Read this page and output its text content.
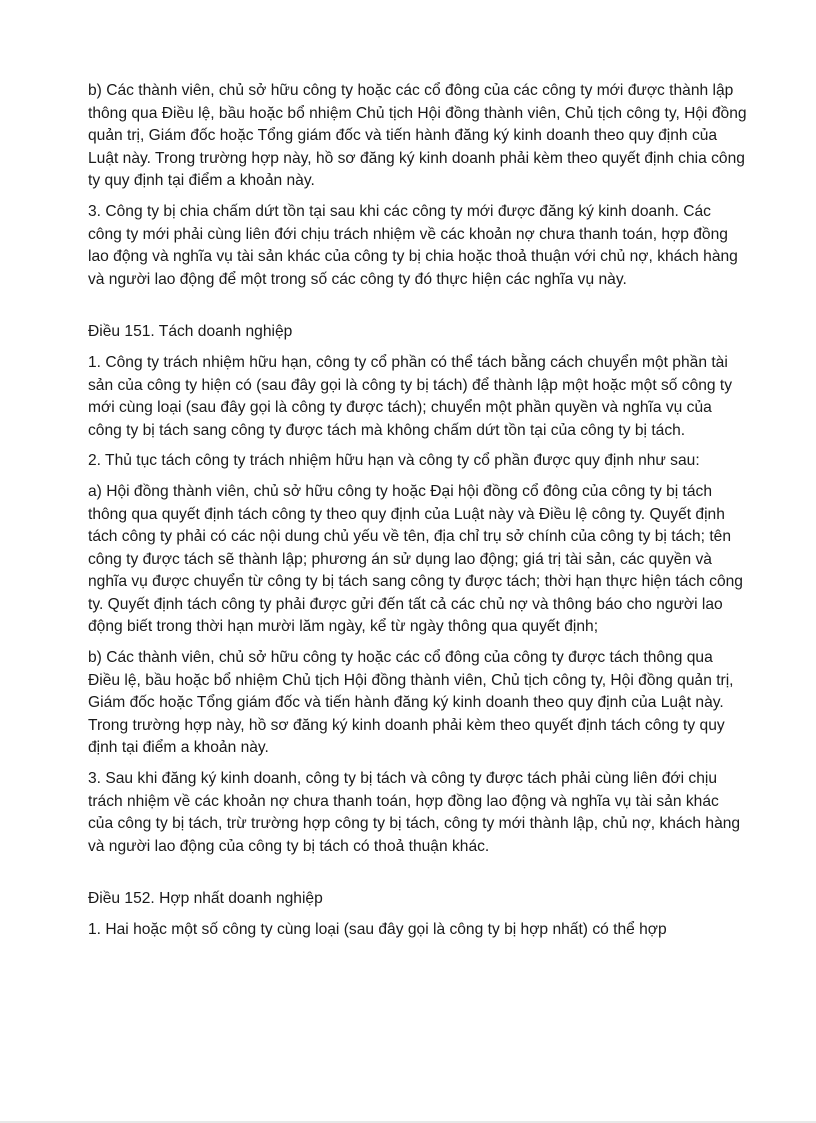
b) Các thành viên, chủ sở hữu công ty hoặc các cổ đông của các công ty mới được thành lập thông qua Điều lệ, bầu hoặc bổ nhiệm Chủ tịch Hội đồng thành viên, Chủ tịch công ty, Hội đồng quản trị, Giám đốc hoặc Tổng giám đốc và tiến hành đăng ký kinh doanh theo quy định của Luật này. Trong trường hợp này, hồ sơ đăng ký kinh doanh phải kèm theo quyết định chia công ty quy định tại điểm a khoản này.

3. Công ty bị chia chấm dứt tồn tại sau khi các công ty mới được đăng ký kinh doanh. Các công ty mới phải cùng liên đới chịu trách nhiệm về các khoản nợ chưa thanh toán, hợp đồng lao động và nghĩa vụ tài sản khác của công ty bị chia hoặc thoả thuận với chủ nợ, khách hàng và người lao động để một trong số các công ty đó thực hiện các nghĩa vụ này.

Điều 151. Tách doanh nghiệp

1. Công ty trách nhiệm hữu hạn, công ty cổ phần có thể tách bằng cách chuyển một phần tài sản của công ty hiện có (sau đây gọi là công ty bị tách) để thành lập một hoặc một số công ty mới cùng loại (sau đây gọi là công ty được tách); chuyển một phần quyền và nghĩa vụ của công ty bị tách sang công ty được tách mà không chấm dứt tồn tại của công ty bị tách.

2. Thủ tục tách công ty trách nhiệm hữu hạn và công ty cổ phần được quy định như sau:

a) Hội đồng thành viên, chủ sở hữu công ty hoặc Đại hội đồng cổ đông của công ty bị tách thông qua quyết định tách công ty theo quy định của Luật này và Điều lệ công ty. Quyết định tách công ty phải có các nội dung chủ yếu về tên, địa chỉ trụ sở chính của công ty bị tách; tên công ty được tách sẽ thành lập; phương án sử dụng lao động; giá trị tài sản, các quyền và nghĩa vụ được chuyển từ công ty bị tách sang công ty được tách; thời hạn thực hiện tách công ty. Quyết định tách công ty phải được gửi đến tất cả các chủ nợ và thông báo cho người lao động biết trong thời hạn mười lăm ngày, kể từ ngày thông qua quyết định;

b) Các thành viên, chủ sở hữu công ty hoặc các cổ đông của công ty được tách thông qua Điều lệ, bầu hoặc bổ nhiệm Chủ tịch Hội đồng thành viên, Chủ tịch công ty, Hội đồng quản trị, Giám đốc hoặc Tổng giám đốc và tiến hành đăng ký kinh doanh theo quy định của Luật này. Trong trường hợp này, hồ sơ đăng ký kinh doanh phải kèm theo quyết định tách công ty quy định tại điểm a khoản này.

3. Sau khi đăng ký kinh doanh, công ty bị tách và công ty được tách phải cùng liên đới chịu trách nhiệm về các khoản nợ chưa thanh toán, hợp đồng lao động và nghĩa vụ tài sản khác của công ty bị tách, trừ trường hợp công ty bị tách, công ty mới thành lập, chủ nợ, khách hàng và người lao động của công ty bị tách có thoả thuận khác.

Điều 152. Hợp nhất doanh nghiệp

1. Hai hoặc một số công ty cùng loại (sau đây gọi là công ty bị hợp nhất) có thể hợp
